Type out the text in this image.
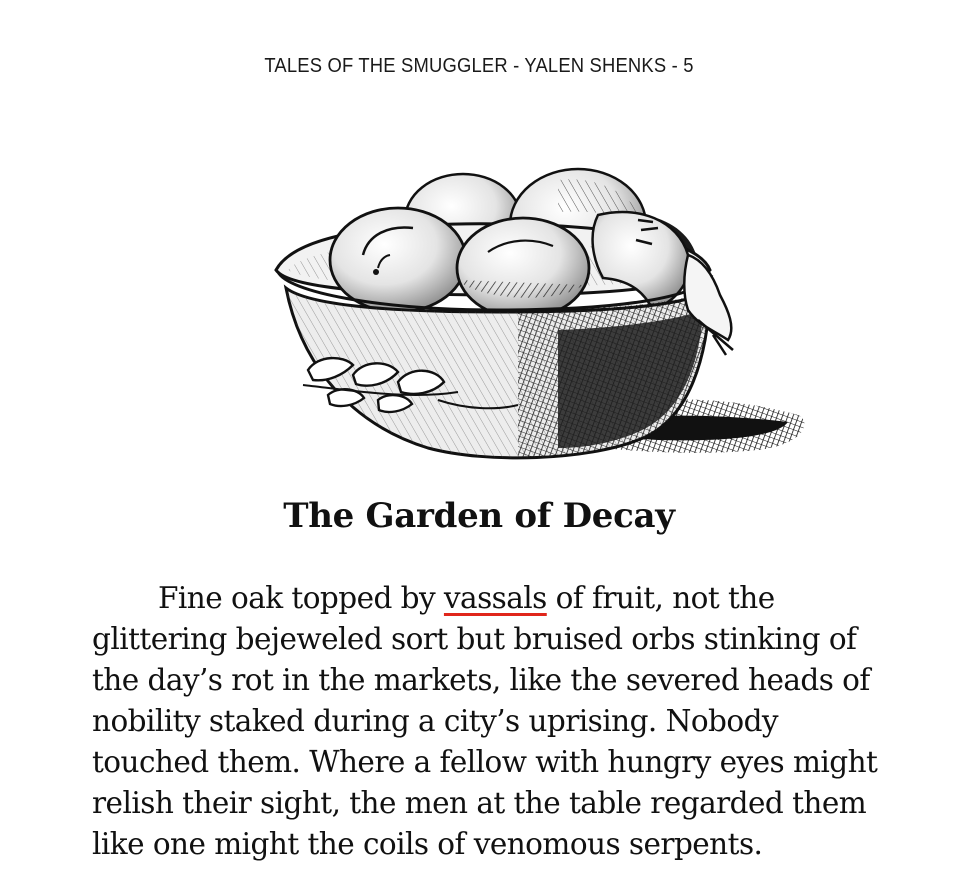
TALES OF THE SMUGGLER - YALEN SHENKS - 5
The Garden of Decay
Fine oak topped by vassals of fruit, not the
glittering bejeweled sort but bruised orbs stinking of
the day’s rot in the markets, like the severed heads of
nobility staked during a city’s uprising. Nobody
touched them. Where a fellow with hungry eyes might
relish their sight, the men at the table regarded them
like one might the coils of venomous serpents.
